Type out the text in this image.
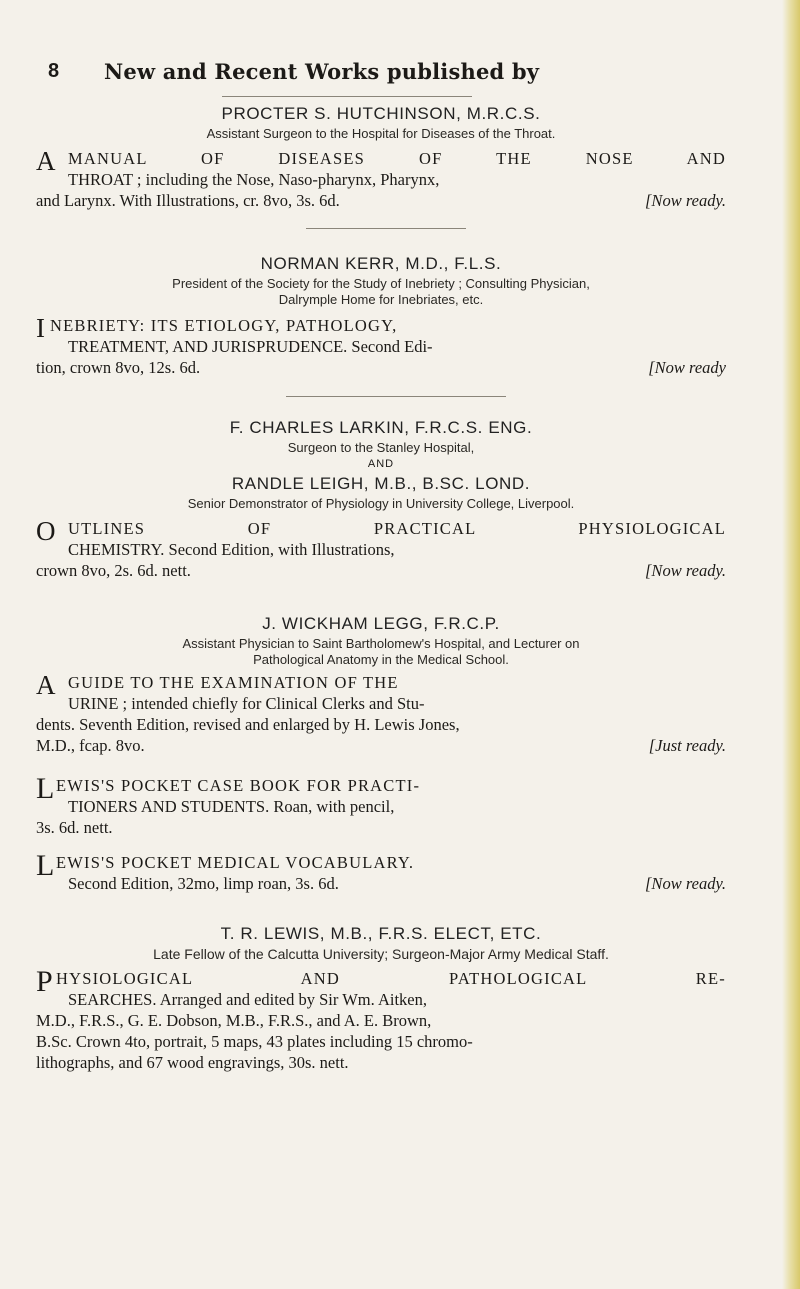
8 New and Recent Works published by
PROCTER S. HUTCHINSON, M.R.C.S.
Assistant Surgeon to the Hospital for Diseases of the Throat.
A MANUAL OF DISEASES OF THE NOSE AND
THROAT ; including the Nose, Naso-pharynx, Pharynx,
and Larynx. With Illustrations, cr. 8vo, 3s. 6d.	[Now ready.
NORMAN KERR, M.D., F.L.S.
President of the Society for the Study of Inebriety ; Consulting Physician,
Dalrymple Home for Inebriates, etc.
I NEBRIETY: ITS ETIOLOGY, PATHOLOGY,
TREATMENT, AND JURISPRUDENCE. Second Edi-
tion, crown 8vo, 12s. 6d.	[Now ready
F. CHARLES LARKIN, F.R.C.S. ENG.
Surgeon to the Stanley Hospital,
AND
RANDLE LEIGH, M.B., B.SC. LOND.
Senior Demonstrator of Physiology in University College, Liverpool.
O UTLINES OF PRACTICAL PHYSIOLOGICAL
CHEMISTRY. Second Edition, with Illustrations,
crown 8vo, 2s. 6d. nett.	[Now ready.
J. WICKHAM LEGG, F.R.C.P.
Assistant Physician to Saint Bartholomew's Hospital, and Lecturer on
Pathological Anatomy in the Medical School.
A GUIDE TO THE EXAMINATION OF THE
URINE ; intended chiefly for Clinical Clerks and Stu-
dents. Seventh Edition, revised and enlarged by H. Lewis Jones,
M.D., fcap. 8vo.	[Just ready.
L EWIS'S POCKET CASE BOOK FOR PRACTI-
TIONERS AND STUDENTS. Roan, with pencil,
3s. 6d. nett.
L EWIS'S POCKET MEDICAL VOCABULARY.
Second Edition, 32mo, limp roan, 3s. 6d.	[Now ready.
T. R. LEWIS, M.B., F.R.S. ELECT, ETC.
Late Fellow of the Calcutta University; Surgeon-Major Army Medical Staff.
P HYSIOLOGICAL AND PATHOLOGICAL RE-
SEARCHES. Arranged and edited by Sir Wm. Aitken,
M.D., F.R.S., G. E. Dobson, M.B., F.R.S., and A. E. Brown,
B.Sc. Crown 4to, portrait, 5 maps, 43 plates including 15 chromo-
lithographs, and 67 wood engravings, 30s. nett.
